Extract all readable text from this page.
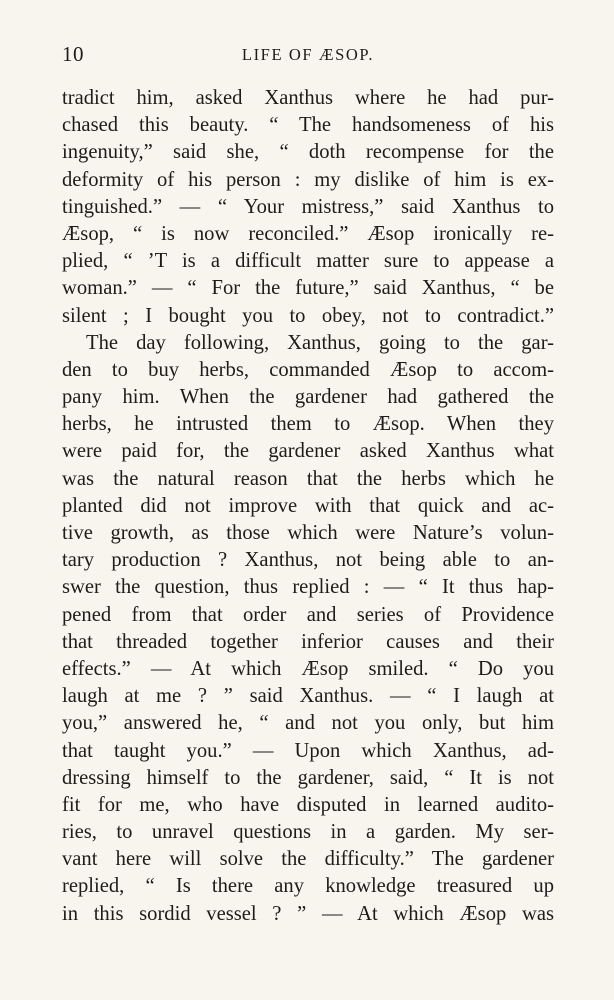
10	LIFE OF ÆSOP.
tradict him, asked Xanthus where he had pur-
chased this beauty. “ The handsomeness of his
ingenuity,” said she, “ doth recompense for the
deformity of his person : my dislike of him is ex-
tinguished.” — “ Your mistress,” said Xanthus to
Æsop, “ is now reconciled.” Æsop ironically re-
plied, “ ’T is a difficult matter sure to appease a
woman.” — “ For the future,” said Xanthus, “ be
silent ; I bought you to obey, not to contradict.”
The day following, Xanthus, going to the gar-
den to buy herbs, commanded Æsop to accom-
pany him. When the gardener had gathered the
herbs, he intrusted them to Æsop. When they
were paid for, the gardener asked Xanthus what
was the natural reason that the herbs which he
planted did not improve with that quick and ac-
tive growth, as those which were Nature’s volun-
tary production ? Xanthus, not being able to an-
swer the question, thus replied : — “ It thus hap-
pened from that order and series of Providence
that threaded together inferior causes and their
effects.” — At which Æsop smiled. “ Do you
laugh at me ? ” said Xanthus. — “ I laugh at
you,” answered he, “ and not you only, but him
that taught you.” — Upon which Xanthus, ad-
dressing himself to the gardener, said, “ It is not
fit for me, who have disputed in learned audito-
ries, to unravel questions in a garden. My ser-
vant here will solve the difficulty.” The gardener
replied, “ Is there any knowledge treasured up
in this sordid vessel ? ” — At which Æsop was
